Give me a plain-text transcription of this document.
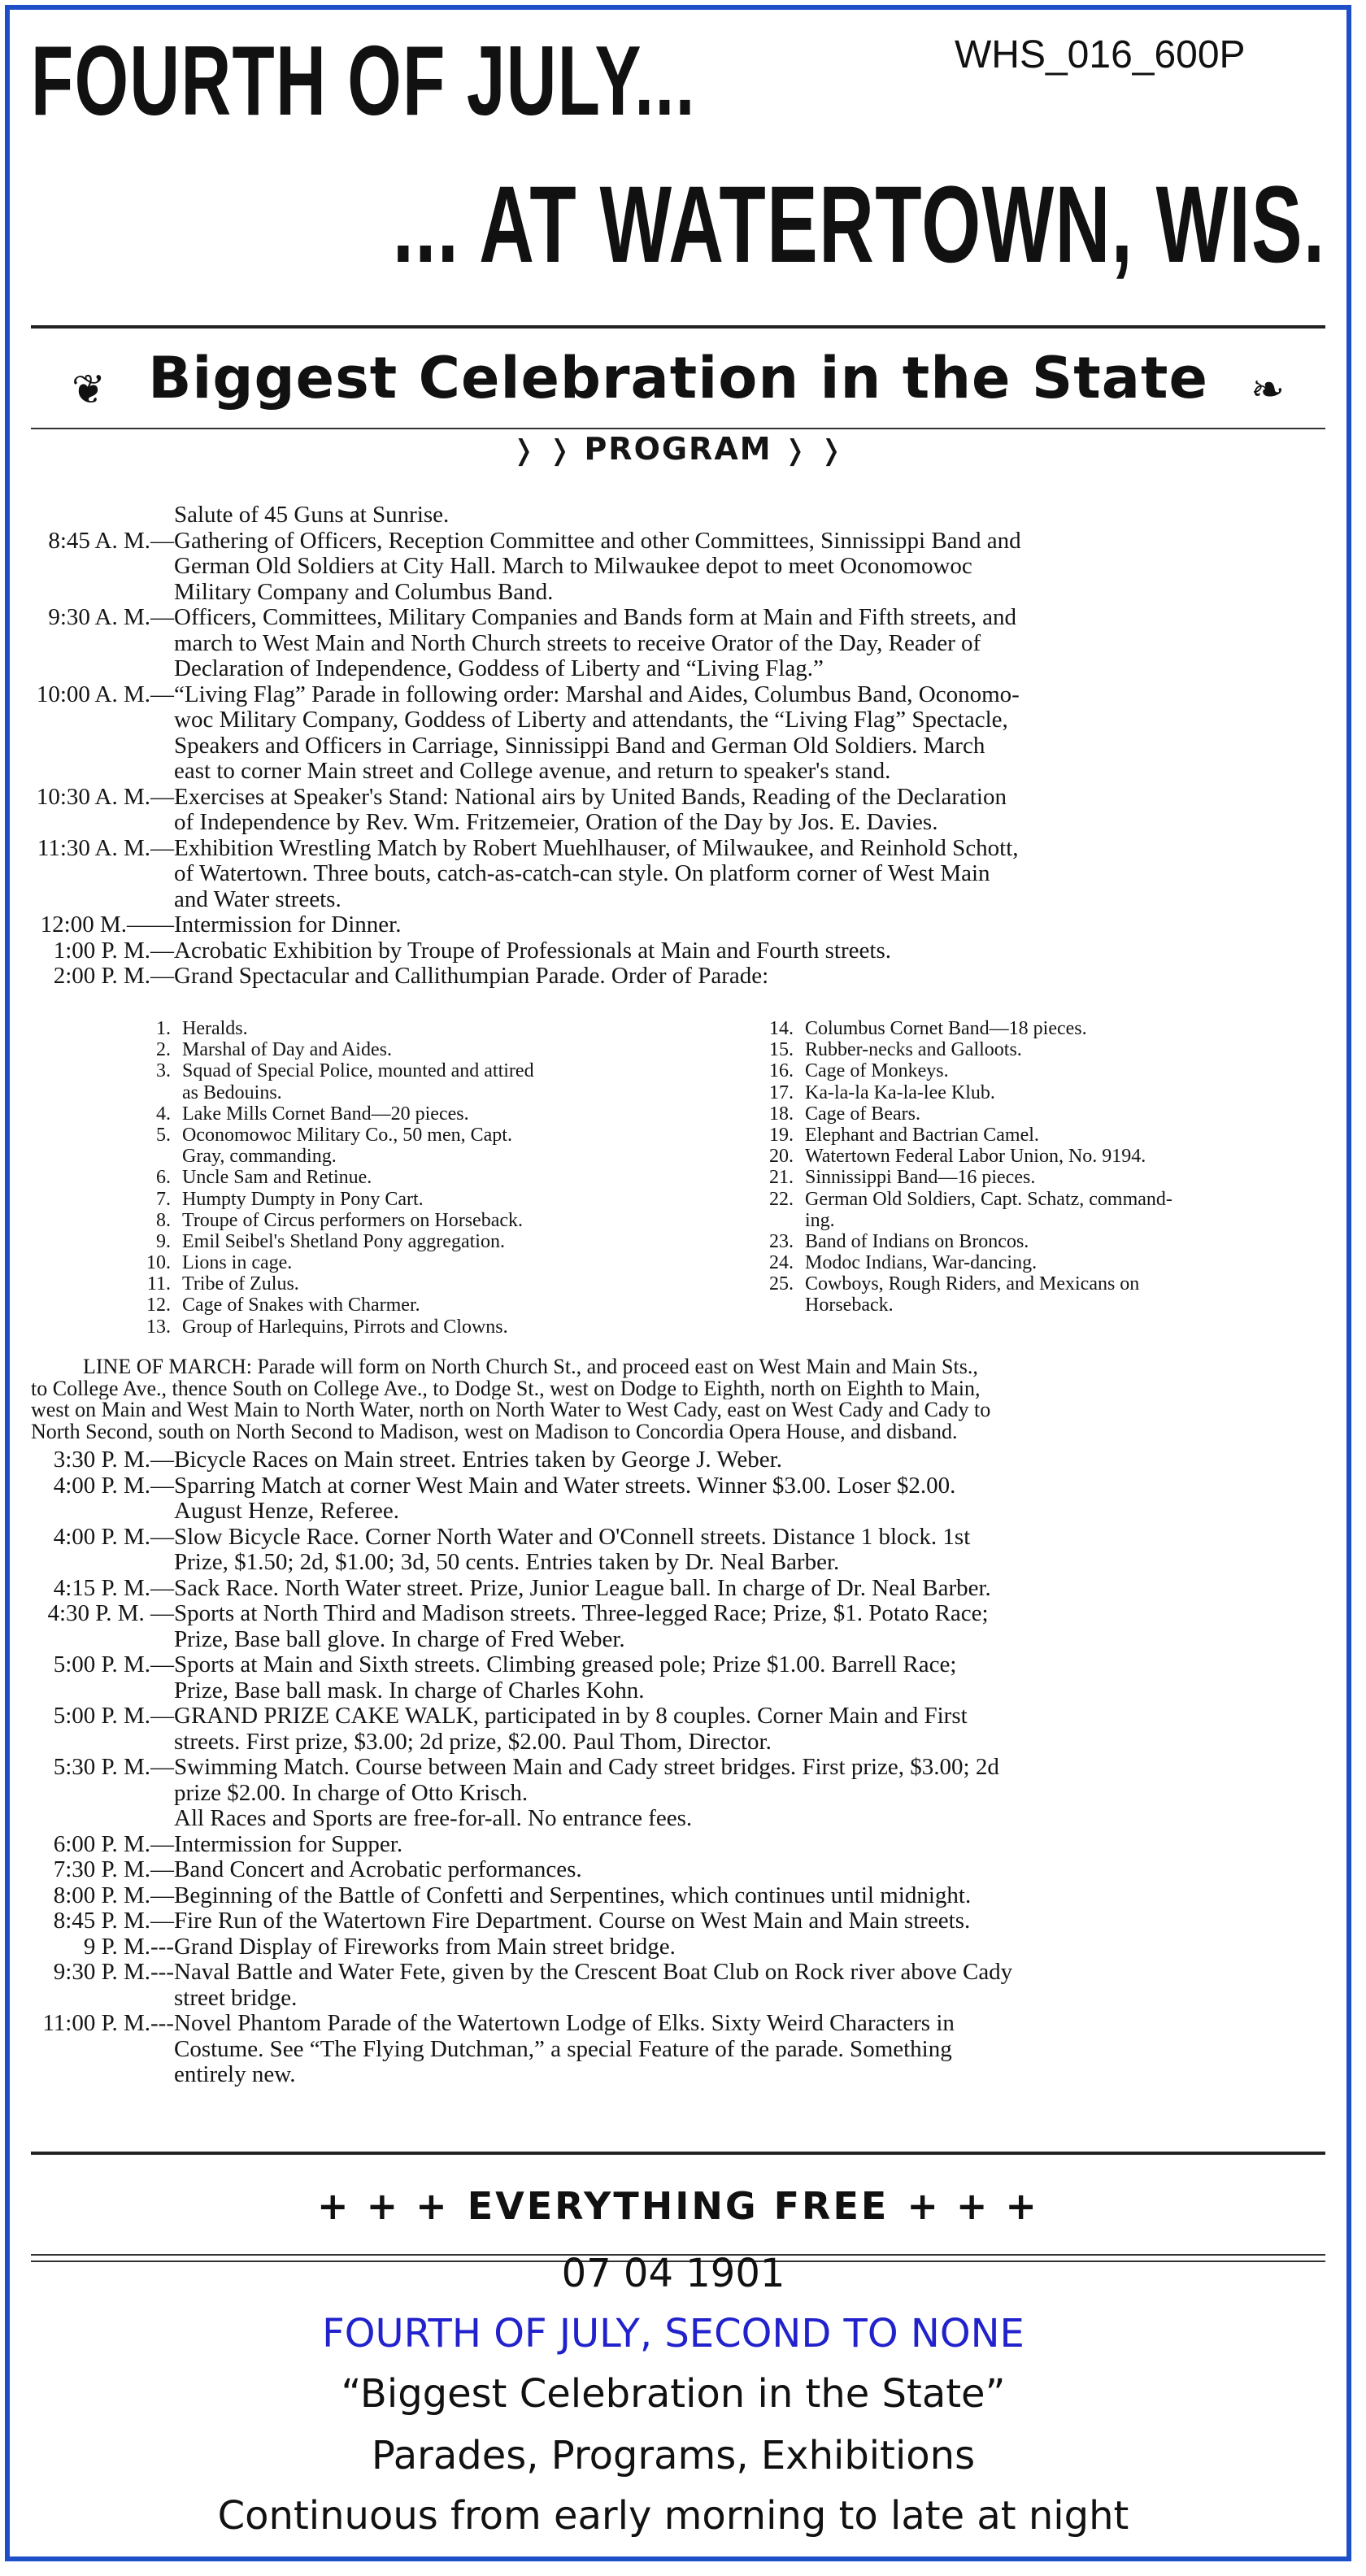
FOURTH OF JULY...	WHS_016_600P
... AT WATERTOWN, WIS.
❦ Biggest Celebration in the State	❧
❭ ❭ PROGRAM ❭ ❭
Salute of 45 Guns at Sunrise.
8:45 A. M.—Gathering of Officers, Reception Committee and other Committees, Sinnissippi Band and
German Old Soldiers at City Hall. March to Milwaukee depot to meet Oconomowoc
Military Company and Columbus Band.
9:30 A. M.—Officers, Committees, Military Companies and Bands form at Main and Fifth streets, and
march to West Main and North Church streets to receive Orator of the Day, Reader of
Declaration of Independence, Goddess of Liberty and “Living Flag.”
10:00 A. M.—“Living Flag” Parade in following order: Marshal and Aides, Columbus Band, Oconomo-
woc Military Company, Goddess of Liberty and attendants, the “Living Flag” Spectacle,
Speakers and Officers in Carriage, Sinnissippi Band and German Old Soldiers. March
east to corner Main street and College avenue, and return to speaker's stand.
10:30 A. M.—Exercises at Speaker's Stand: National airs by United Bands, Reading of the Declaration
of Independence by Rev. Wm. Fritzemeier, Oration of the Day by Jos. E. Davies.
11:30 A. M.—Exhibition Wrestling Match by Robert Muehlhauser, of Milwaukee, and Reinhold Schott,
of Watertown. Three bouts, catch-as-catch-can style. On platform corner of West Main
and Water streets.
12:00 M.——Intermission for Dinner.
1:00 P. M.—Acrobatic Exhibition by Troupe of Professionals at Main and Fourth streets.
2:00 P. M.—Grand Spectacular and Callithumpian Parade. Order of Parade:
1. Heralds.
2. Marshal of Day and Aides.
3. Squad of Special Police, mounted and attired
as Bedouins.
4. Lake Mills Cornet Band—20 pieces.
5. Oconomowoc Military Co., 50 men, Capt.
Gray, commanding.
6. Uncle Sam and Retinue.
7. Humpty Dumpty in Pony Cart.
8. Troupe of Circus performers on Horseback.
9. Emil Seibel's Shetland Pony aggregation.
10. Lions in cage.
11. Tribe of Zulus.
12. Cage of Snakes with Charmer.
13. Group of Harlequins, Pirrots and Clowns.
14. Columbus Cornet Band—18 pieces.
15. Rubber-necks and Galloots.
16. Cage of Monkeys.
17. Ka-la-la Ka-la-lee Klub.
18. Cage of Bears.
19. Elephant and Bactrian Camel.
20. Watertown Federal Labor Union, No. 9194.
21. Sinnissippi Band—16 pieces.
22. German Old Soldiers, Capt. Schatz, command-
ing.
23. Band of Indians on Broncos.
24. Modoc Indians, War-dancing.
25. Cowboys, Rough Riders, and Mexicans on
Horseback.
LINE OF MARCH: Parade will form on North Church St., and proceed east on West Main and Main Sts.,
to College Ave., thence South on College Ave., to Dodge St., west on Dodge to Eighth, north on Eighth to Main,
west on Main and West Main to North Water, north on North Water to West Cady, east on West Cady and Cady to
North Second, south on North Second to Madison, west on Madison to Concordia Opera House, and disband.
3:30 P. M.—Bicycle Races on Main street. Entries taken by George J. Weber.
4:00 P. M.—Sparring Match at corner West Main and Water streets. Winner $3.00. Loser $2.00.
August Henze, Referee.
4:00 P. M.—Slow Bicycle Race. Corner North Water and O'Connell streets. Distance 1 block. 1st
Prize, $1.50; 2d, $1.00; 3d, 50 cents. Entries taken by Dr. Neal Barber.
4:15 P. M.—Sack Race. North Water street. Prize, Junior League ball. In charge of Dr. Neal Barber.
4:30 P. M. —Sports at North Third and Madison streets. Three-legged Race; Prize, $1. Potato Race;
Prize, Base ball glove. In charge of Fred Weber.
5:00 P. M.—Sports at Main and Sixth streets. Climbing greased pole; Prize $1.00. Barrell Race;
Prize, Base ball mask. In charge of Charles Kohn.
5:00 P. M.—GRAND PRIZE CAKE WALK, participated in by 8 couples. Corner Main and First
streets. First prize, $3.00; 2d prize, $2.00. Paul Thom, Director.
5:30 P. M.—Swimming Match. Course between Main and Cady street bridges. First prize, $3.00; 2d
prize $2.00. In charge of Otto Krisch.
All Races and Sports are free-for-all. No entrance fees.
6:00 P. M.—Intermission for Supper.
7:30 P. M.—Band Concert and Acrobatic performances.
8:00 P. M.—Beginning of the Battle of Confetti and Serpentines, which continues until midnight.
8:45 P. M.—Fire Run of the Watertown Fire Department. Course on West Main and Main streets.
9 P. M.---Grand Display of Fireworks from Main street bridge.
9:30 P. M.---Naval Battle and Water Fete, given by the Crescent Boat Club on Rock river above Cady
street bridge.
11:00 P. M.---Novel Phantom Parade of the Watertown Lodge of Elks. Sixty Weird Characters in
Costume. See “The Flying Dutchman,” a special Feature of the parade. Something
entirely new.
+ + + EVERYTHING FREE + + +
07 04 1901
FOURTH OF JULY, SECOND TO NONE
“Biggest Celebration in the State”
Parades, Programs, Exhibitions
Continuous from early morning to late at night
